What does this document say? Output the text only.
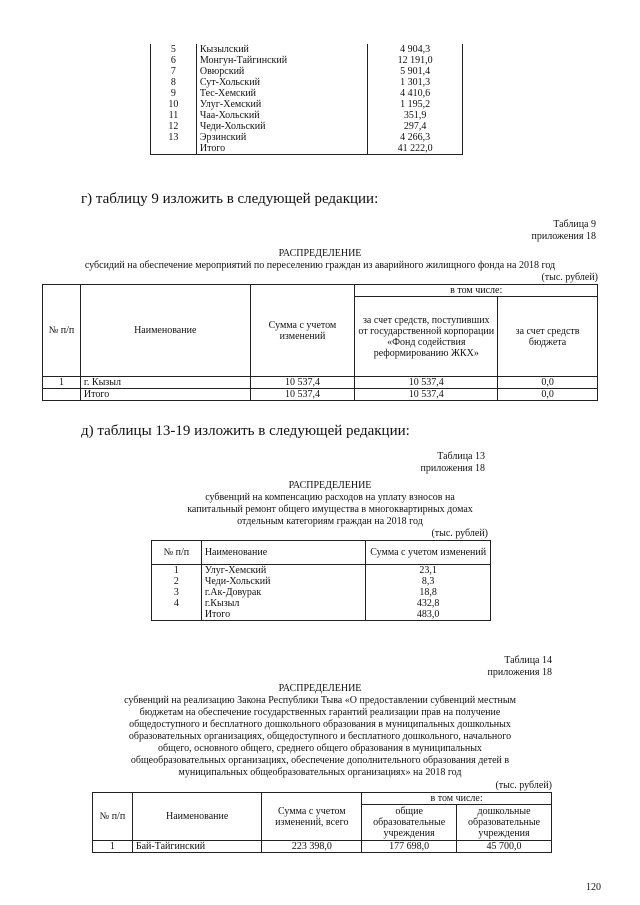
5	Кызылский	4 904,3
6	Монгун-Тайгинский	12 191,0
7	Овюрский	5 901,4
8	Сут-Хольский	1 301,3
9	Тес-Хемский	4 410,6
10	Улуг-Хемский	1 195,2
11	Чаа-Хольский	351,9
12	Чеди-Хольский	297,4
13	Эрзинский	4 266,3
	Итого	41 222,0
г) таблицу 9 изложить в следующей редакции:
Таблица 9
приложения 18
РАСПРЕДЕЛЕНИЕ
субсидий на обеспечение мероприятий по переселению граждан из аварийного жилищного фонда на 2018 год
(тыс. рублей)
№ п/п	Наименование	Сумма с учетом изменений	в том числе:	
			за счет средств, поступивших от государственной корпорации «Фонд содействия реформированию ЖКХ»	за счет средств бюджета
1	г. Кызыл	10 537,4	10 537,4	0,0
	Итого	10 537,4	10 537,4	0,0
д) таблицы 13-19 изложить в следующей редакции:
Таблица 13
приложения 18
РАСПРЕДЕЛЕНИЕ
субвенций на компенсацию расходов на уплату взносов на
капитальный ремонт общего имущества в многоквартирных домах
отдельным категориям граждан на 2018 год
(тыс. рублей)
№ п/п	Наименование	Сумма с учетом изменений
1	Улуг-Хемский	23,1
2	Чеди-Хольский	8,3
3	г.Ак-Довурак	18,8
4	г.Кызыл	432,8
	Итого	483,0
Таблица 14
приложения 18
РАСПРЕДЕЛЕНИЕ
субвенций на реализацию Закона Республики Тыва «О предоставлении субвенций местным
бюджетам на обеспечение государственных гарантий реализации прав на получение
общедоступного и бесплатного дошкольного образования в муниципальных дошкольных
образовательных организациях, общедоступного и бесплатного дошкольного, начального
общего, основного общего, среднего общего образования в муниципальных
общеобразовательных организациях, обеспечение дополнительного образования детей в
муниципальных общеобразовательных организациях» на 2018 год
(тыс. рублей)
№ п/п	Наименование	Сумма с учетом изменений, всего	в том числе:	
			общие образовательные учреждения	дошкольные образовательные учреждения
1	Бай-Тайгинский	223 398,0	177 698,0	45 700,0
120
